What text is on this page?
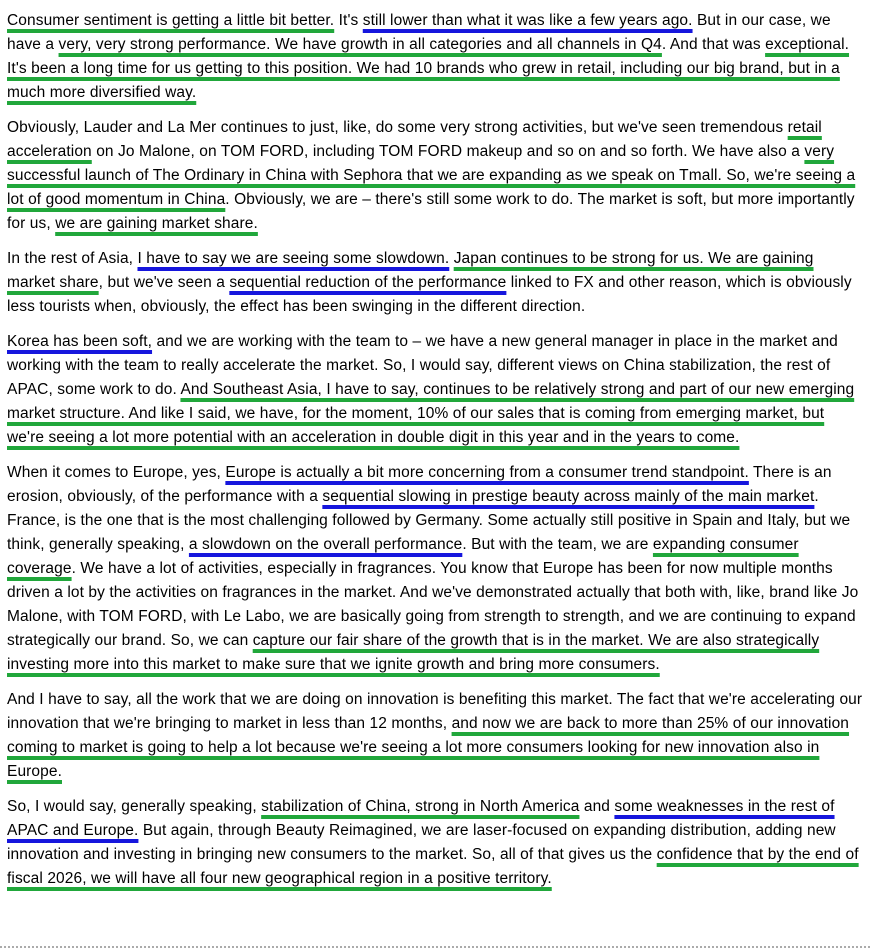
Consumer sentiment is getting a little bit better. It's still lower than what it was like a few years ago. But in our case, we have a very, very strong performance. We have growth in all categories and all channels in Q4. And that was exceptional. It's been a long time for us getting to this position. We had 10 brands who grew in retail, including our big brand, but in a much more diversified way.

Obviously, Lauder and La Mer continues to just, like, do some very strong activities, but we've seen tremendous retail acceleration on Jo Malone, on TOM FORD, including TOM FORD makeup and so on and so forth. We have also a very successful launch of The Ordinary in China with Sephora that we are expanding as we speak on Tmall. So, we're seeing a lot of good momentum in China. Obviously, we are – there's still some work to do. The market is soft, but more importantly for us, we are gaining market share.

In the rest of Asia, I have to say we are seeing some slowdown. Japan continues to be strong for us. We are gaining market share, but we've seen a sequential reduction of the performance linked to FX and other reason, which is obviously less tourists when, obviously, the effect has been swinging in the different direction.

Korea has been soft, and we are working with the team to – we have a new general manager in place in the market and working with the team to really accelerate the market. So, I would say, different views on China stabilization, the rest of APAC, some work to do. And Southeast Asia, I have to say, continues to be relatively strong and part of our new emerging market structure. And like I said, we have, for the moment, 10% of our sales that is coming from emerging market, but we're seeing a lot more potential with an acceleration in double digit in this year and in the years to come.

When it comes to Europe, yes, Europe is actually a bit more concerning from a consumer trend standpoint. There is an erosion, obviously, of the performance with a sequential slowing in prestige beauty across mainly of the main market. France, is the one that is the most challenging followed by Germany. Some actually still positive in Spain and Italy, but we think, generally speaking, a slowdown on the overall performance. But with the team, we are expanding consumer coverage. We have a lot of activities, especially in fragrances. You know that Europe has been for now multiple months driven a lot by the activities on fragrances in the market. And we've demonstrated actually that both with, like, brand like Jo Malone, with TOM FORD, with Le Labo, we are basically going from strength to strength, and we are continuing to expand strategically our brand. So, we can capture our fair share of the growth that is in the market. We are also strategically investing more into this market to make sure that we ignite growth and bring more consumers.

And I have to say, all the work that we are doing on innovation is benefiting this market. The fact that we're accelerating our innovation that we're bringing to market in less than 12 months, and now we are back to more than 25% of our innovation coming to market is going to help a lot because we're seeing a lot more consumers looking for new innovation also in Europe.

So, I would say, generally speaking, stabilization of China, strong in North America and some weaknesses in the rest of APAC and Europe. But again, through Beauty Reimagined, we are laser-focused on expanding distribution, adding new innovation and investing in bringing new consumers to the market. So, all of that gives us the confidence that by the end of fiscal 2026, we will have all four new geographical region in a positive territory.
